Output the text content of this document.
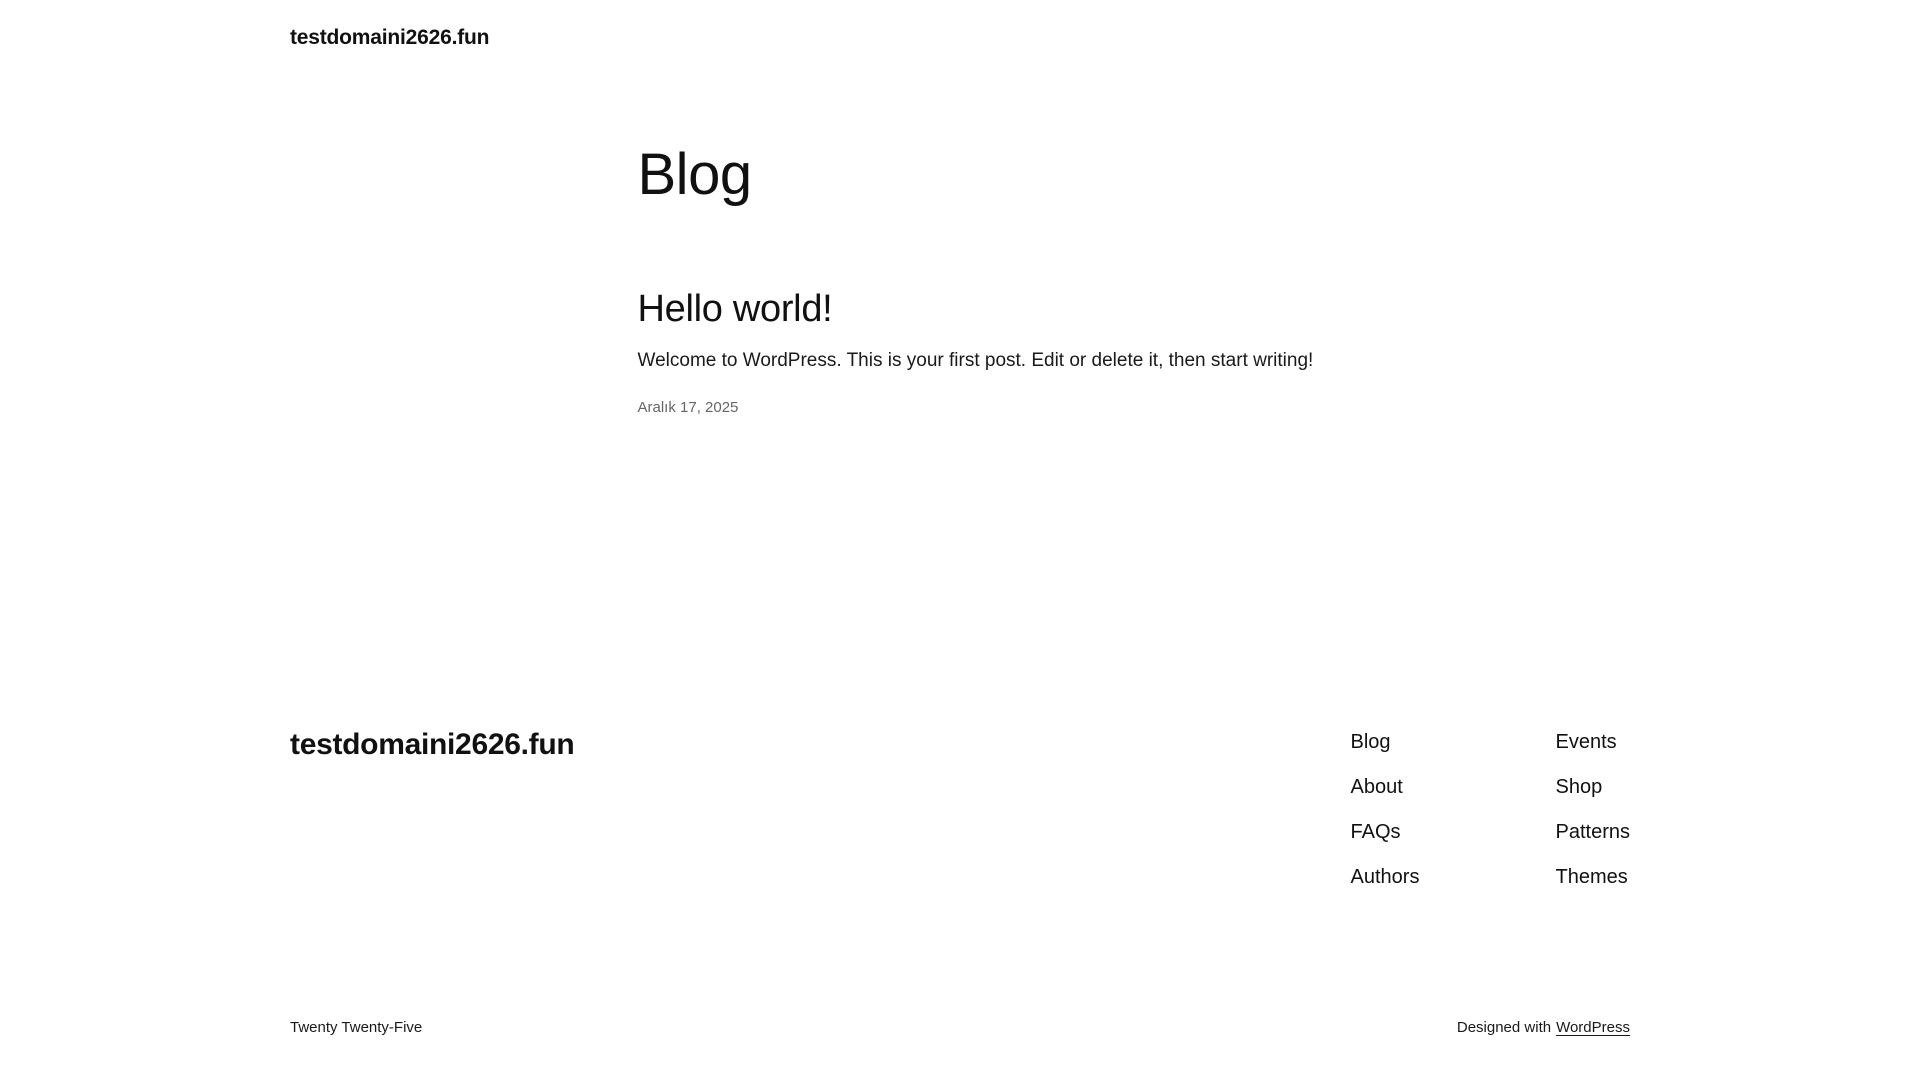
testdomaini2626.fun
Blog
Hello world!

Welcome to WordPress. This is your first post. Edit or delete it, then start writing!

Aralık 17, 2025
testdomaini2626.fun	Blog
About
FAQs
Authors
Events
Shop
Patterns
Themes
Twenty Twenty-Five	Designed with WordPress
